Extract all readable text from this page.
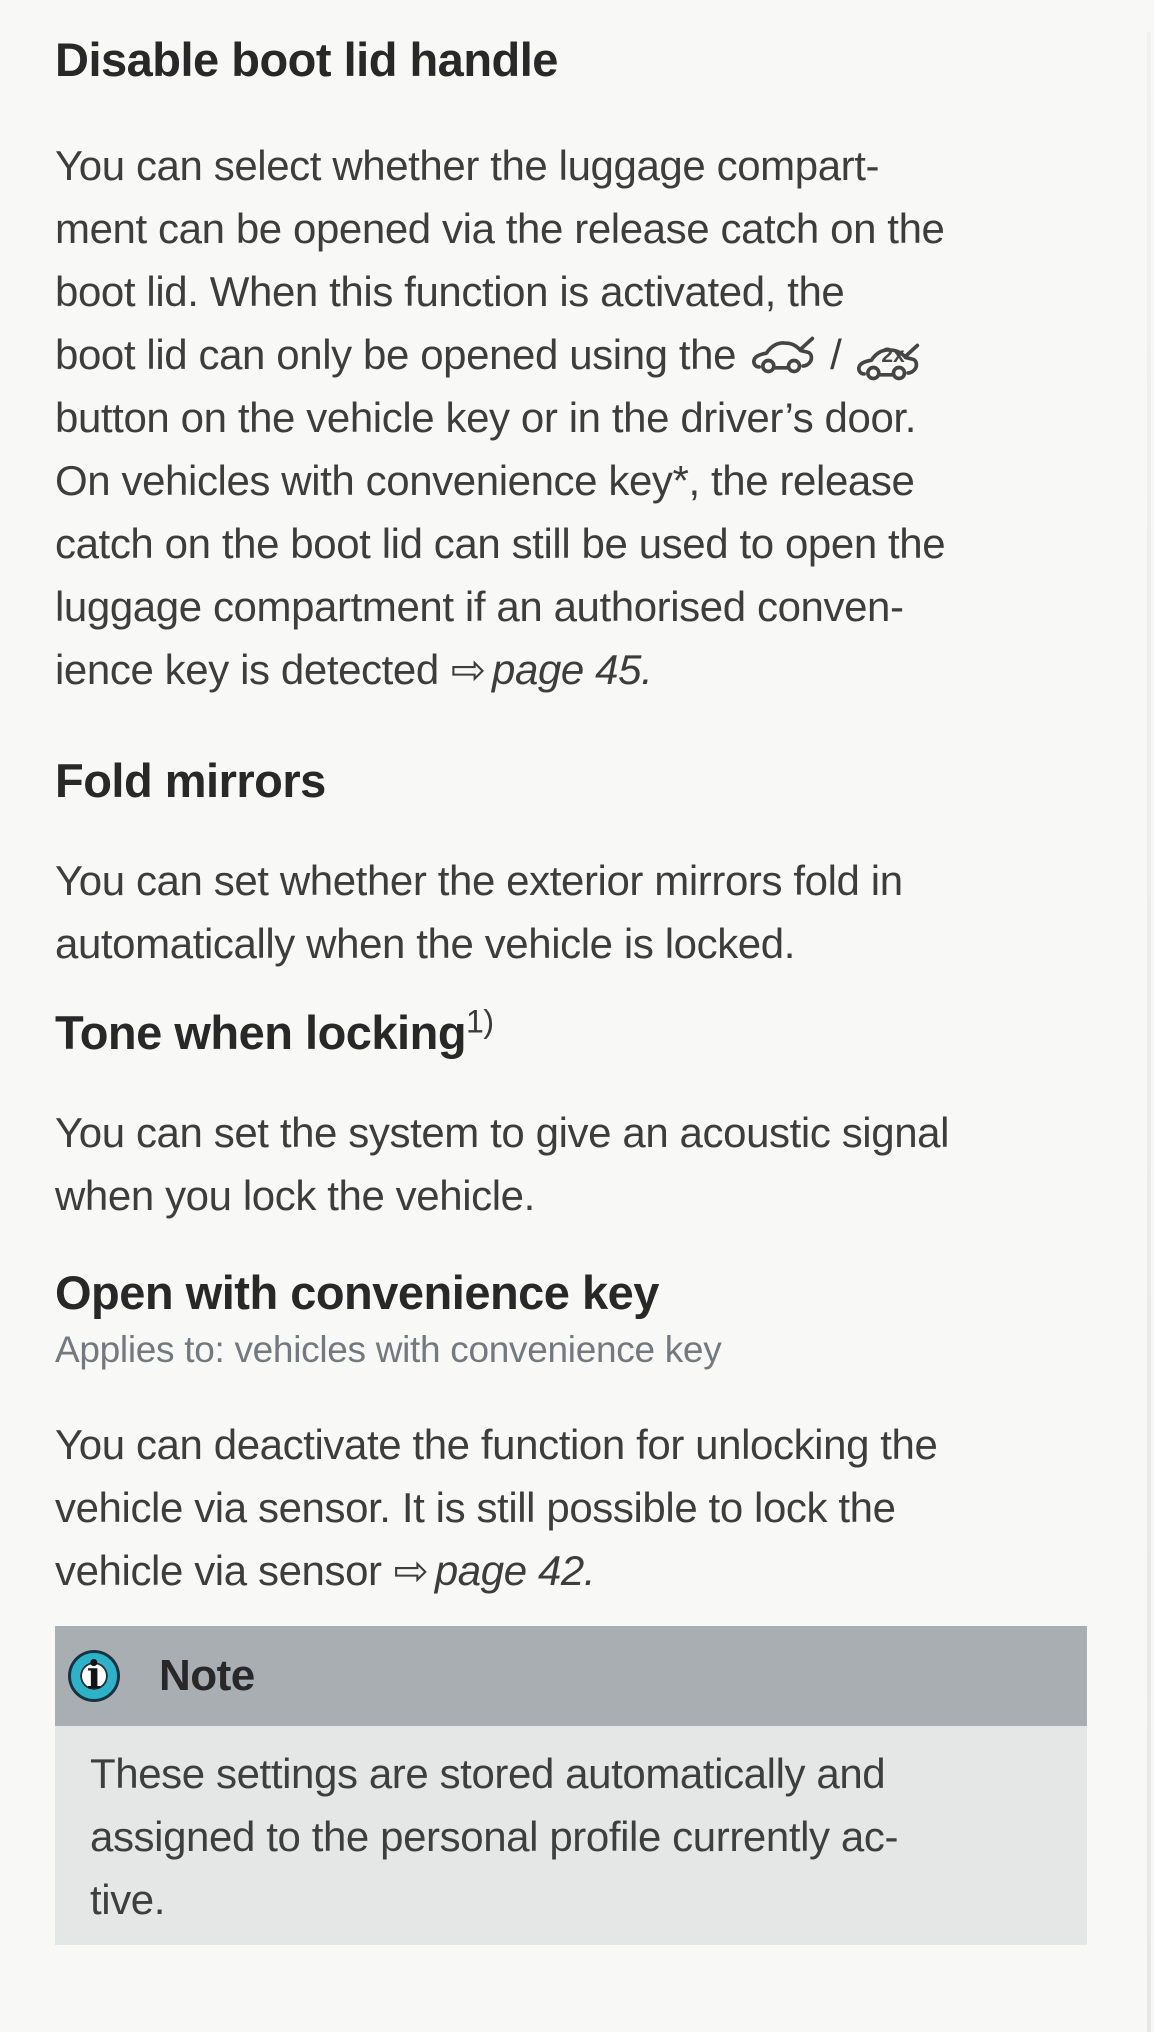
Disable boot lid handle
You can select whether the luggage compart-
ment can be opened via the release catch on the
boot lid. When this function is activated, the
boot lid can only be opened using the / 2x
button on the vehicle key or in the driver’s door.
On vehicles with convenience key*, the release
catch on the boot lid can still be used to open the
luggage compartment if an authorised conven-
ience key is detected ⇨ page 45.
Fold mirrors
You can set whether the exterior mirrors fold in
automatically when the vehicle is locked.
Tone when locking$^{1)}$
You can set the system to give an acoustic signal
when you lock the vehicle.
Open with convenience key
Applies to: vehicles with convenience key
You can deactivate the function for unlocking the
vehicle via sensor. It is still possible to lock the
vehicle via sensor ⇨ page 42.
i Note
These settings are stored automatically and
assigned to the personal profile currently ac-
tive.
